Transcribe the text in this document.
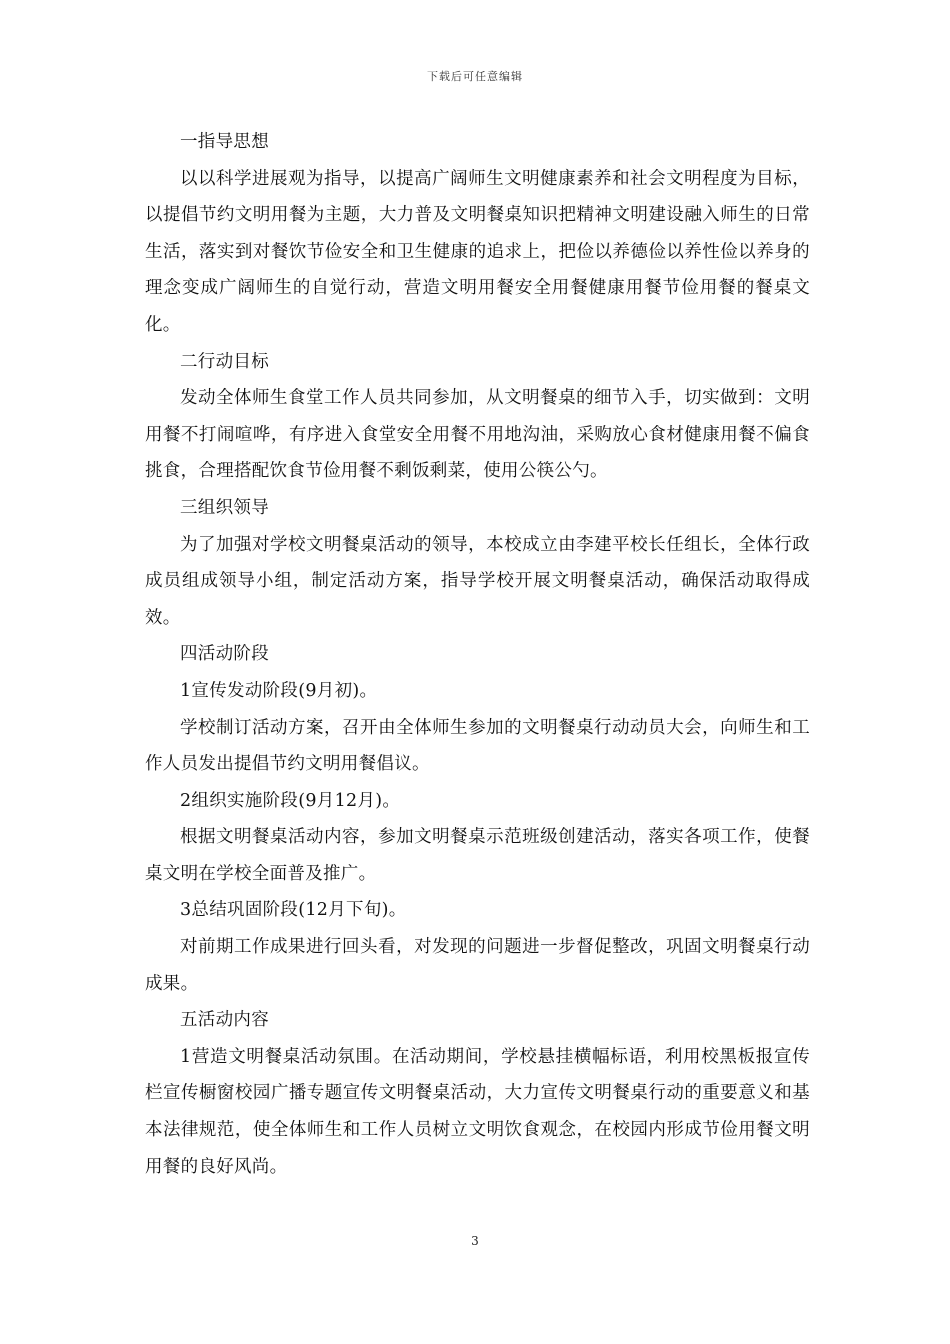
下载后可任意编辑

一指导思想

以以科学进展观为指导，以提高广阔师生文明健康素养和社会文明程度为目标，以提倡节约文明用餐为主题，大力普及文明餐桌知识把精神文明建设融入师生的日常生活，落实到对餐饮节俭安全和卫生健康的追求上，把俭以养德俭以养性俭以养身的理念变成广阔师生的自觉行动，营造文明用餐安全用餐健康用餐节俭用餐的餐桌文化。

二行动目标

发动全体师生食堂工作人员共同参加，从文明餐桌的细节入手，切实做到：文明用餐不打闹喧哗，有序进入食堂安全用餐不用地沟油，采购放心食材健康用餐不偏食挑食，合理搭配饮食节俭用餐不剩饭剩菜，使用公筷公勺。

三组织领导

为了加强对学校文明餐桌活动的领导，本校成立由李建平校长任组长，全体行政成员组成领导小组，制定活动方案，指导学校开展文明餐桌活动，确保活动取得成效。

四活动阶段

1宣传发动阶段(9月初)。

学校制订活动方案，召开由全体师生参加的文明餐桌行动动员大会，向师生和工作人员发出提倡节约文明用餐倡议。

2组织实施阶段(9月12月)。

根据文明餐桌活动内容，参加文明餐桌示范班级创建活动，落实各项工作，使餐桌文明在学校全面普及推广。

3总结巩固阶段(12月下旬)。

对前期工作成果进行回头看，对发现的问题进一步督促整改，巩固文明餐桌行动成果。

五活动内容

1营造文明餐桌活动氛围。在活动期间，学校悬挂横幅标语，利用校黑板报宣传栏宣传橱窗校园广播专题宣传文明餐桌活动，大力宣传文明餐桌行动的重要意义和基本法律规范，使全体师生和工作人员树立文明饮食观念，在校园内形成节俭用餐文明用餐的良好风尚。

3
